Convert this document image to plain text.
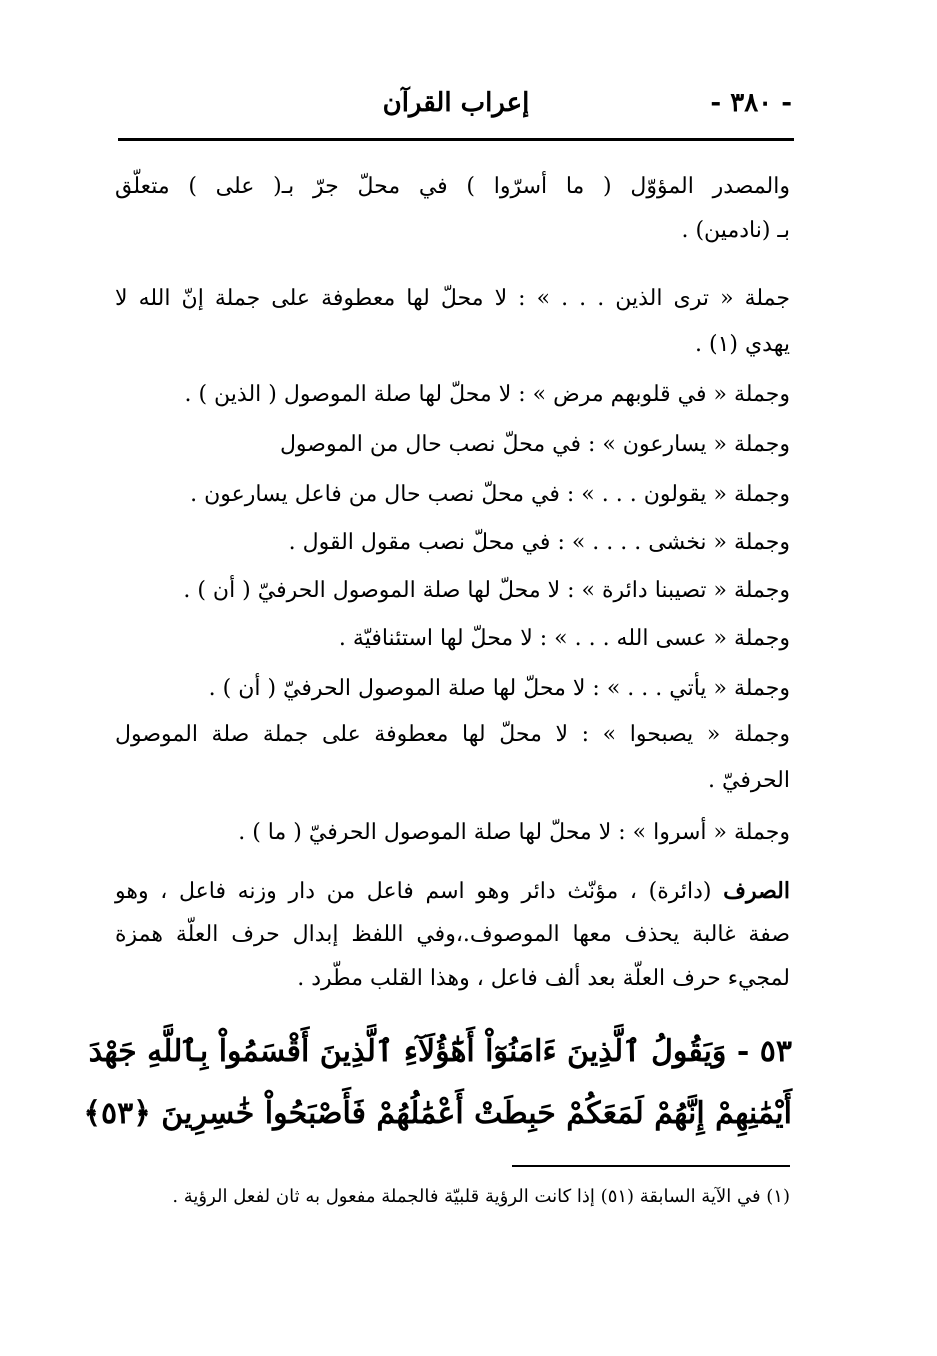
- ٣٨٠ -
إعراب القرآن
والمصدر المؤوّل ( ما أسرّوا ) في محلّ جرّ بـ( على ) متعلّق
بـ (نادمين) .
جملة « ترى الذين . . . » : لا محلّ لها معطوفة على جملة إنّ الله لا
يهدي (١) .
وجملة « في قلوبهم مرض » : لا محلّ لها صلة الموصول ( الذين ) .
وجملة « يسارعون » : في محلّ نصب حال من الموصول
وجملة « يقولون . . . » : في محلّ نصب حال من فاعل يسارعون .
وجملة « نخشى . . . . » : في محلّ نصب مقول القول .
وجملة « تصيبنا دائرة » : لا محلّ لها صلة الموصول الحرفيّ ( أن ) .
وجملة « عسى الله . . . » : لا محلّ لها استئنافيّة .
وجملة « يأتي . . . » : لا محلّ لها صلة الموصول الحرفيّ ( أن ) .
وجملة « يصبحوا » : لا محلّ لها معطوفة على جملة صلة الموصول
الحرفيّ .
وجملة « أسروا » : لا محلّ لها صلة الموصول الحرفيّ ( ما ) .
الصرف (دائرة) ، مؤنّث دائر وهو اسم فاعل من دار وزنه فاعل ، وهو
صفة غالبة يحذف معها الموصوف.،وفي اللفظ إبدال حرف العلّة همزة
لمجيء حرف العلّة بعد ألف فاعل ، وهذا القلب مطّرد .
٥٣ - وَيَقُولُ ٱلَّذِينَ ءَامَنُوٓاْ أَهَٰٓؤُلَآءِ ٱلَّذِينَ أَقْسَمُواْ بِٱللَّهِ جَهْدَ
أَيْمَٰنِهِمْ إِنَّهُمْ لَمَعَكُمْ حَبِطَتْ أَعْمَٰلُهُمْ فَأَصْبَحُواْ خَٰسِرِينَ ﴿٥٣﴾
(١) في الآية السابقة (٥١) إذا كانت الرؤية قلبيّة فالجملة مفعول به ثان لفعل الرؤية .
